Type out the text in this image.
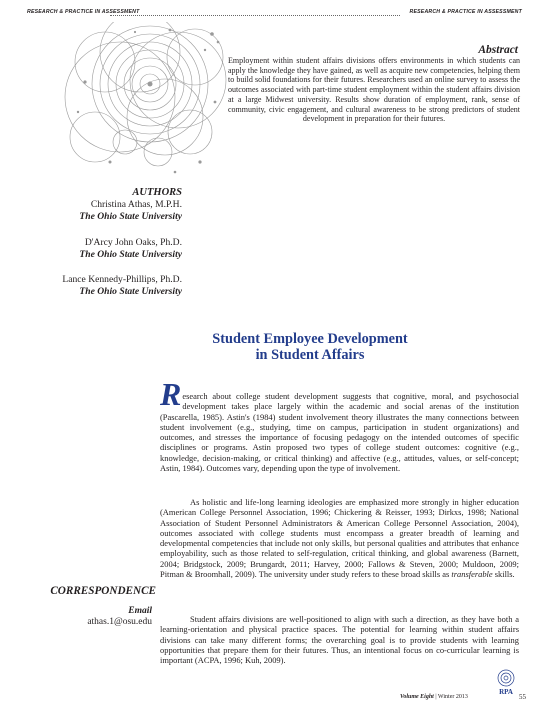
RESEARCH & PRACTICE IN ASSESSMENT	RESEARCH & PRACTICE IN ASSESSMENT
Abstract

Employment within student affairs divisions offers environments in which students can apply the knowledge they have gained, as well as acquire new competencies, helping them to build solid foundations for their futures. Researchers used an online survey to assess the outcomes associated with part-time student employment within the student affairs division at a large Midwest university. Results show duration of employment, rank, sense of community, civic engagement, and cultural awareness to be strong predictors of student development in preparation for their futures.

AUTHORS
Christina Athas, M.P.H.
The Ohio State University
D'Arcy John Oaks, Ph.D.
The Ohio State University
Lance Kennedy-Phillips, Ph.D.
The Ohio State University
Student Employee Development
in Student Affairs

Research about college student development suggests that cognitive, moral, and psychosocial development takes place largely within the academic and social arenas of the institution (Pascarella, 1985). Astin's (1984) student involvement theory illustrates the many connections between student involvement (e.g., studying, time on campus, participation in student organizations) and outcomes, and stresses the importance of focusing pedagogy on the intended outcomes of specific disciplines or programs. Astin proposed two types of college student outcomes: cognitive (e.g., knowledge, decision-making, or critical thinking) and affective (e.g., attitudes, values, or self-concept; Astin, 1984). Outcomes vary, depending upon the type of involvement.

As holistic and life-long learning ideologies are emphasized more strongly in higher education (American College Personnel Association, 1996; Chickering & Reisser, 1993; Dirkxs, 1998; National Association of Student Personnel Administrators & American College Personnel Association, 2004), outcomes associated with college students must encompass a greater breadth of learning and developmental competencies that include not only skills, but personal qualities and attributes that enhance employability, such as those related to self-regulation, critical thinking, and global awareness (Barnett, 2004; Bridgstock, 2009; Brungardt, 2011; Harvey, 2000; Fallows & Steven, 2000; Muldoon, 2009; Pitman & Broomhall, 2009). The university under study refers to these broad skills as transferable skills.

Student affairs divisions are well-positioned to align with such a direction, as they have both a learning-orientation and physical practice spaces. The potential for learning within student affairs divisions can take many different forms; the overarching goal is to provide students with learning opportunities that prepare them for their futures. Thus, an intentional focus on co-curricular learning is important (ACPA, 1996; Kuh, 2009).

CORRESPONDENCE
Email
athas.1@osu.edu
Volume Eight | Winter 2013
RPA
55
